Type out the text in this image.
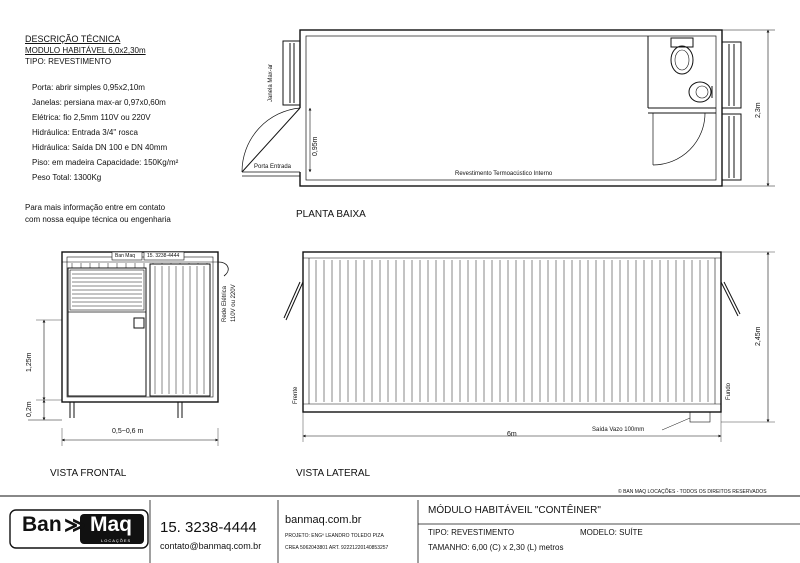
DESCRIÇÃO TÉCNICA
MODULO HABITÁVEL 6,0x2,30m
TIPO: REVESTIMENTO
Porta: abrir simples 0,95x2,10m
Janelas: persiana max-ar 0,97x0,60m
Elétrica: fio 2,5mm 110V ou 220V
Hidráulica: Entrada 3/4" rosca
Hidráulica: Saída DN 100 e DN 40mm
Piso: em madeira Capacidade: 150Kg/m²
Peso Total: 1300Kg
Para mais informação entre em contato
com nossa equipe técnica ou engenharia
Janela Max-ar
Porta Entrada
0,95m
Revestimento Termoacústico Interno
2,3m
PLANTA BAIXA
Ban Maq 15. 3238-4444
Rede Elétrica 110V ou 220V
1,25m
0,2m
0,5~0,6 m
VISTA FRONTAL
Frente	Fundo
Saída Vazo 100mm
6m
2,45m
VISTA LATERAL
© BAN MAQ LOCAÇÕES - TODOS OS DIREITOS RESERVADOS
Ban ≫ Maq
LOCAÇÕES
15. 3238-4444
contato@banmaq.com.br
banmaq.com.br
PROJETO: ENGº LEANDRO TOLEDO PIZA
CREA 5062043801 ART. 92221220140853257
MÓDULO HABITÁVEIL "CONTÊINER"
TIPO: REVESTIMENTO	MODELO: SUÍTE
TAMANHO: 6,00 (C) x 2,30 (L) metros
